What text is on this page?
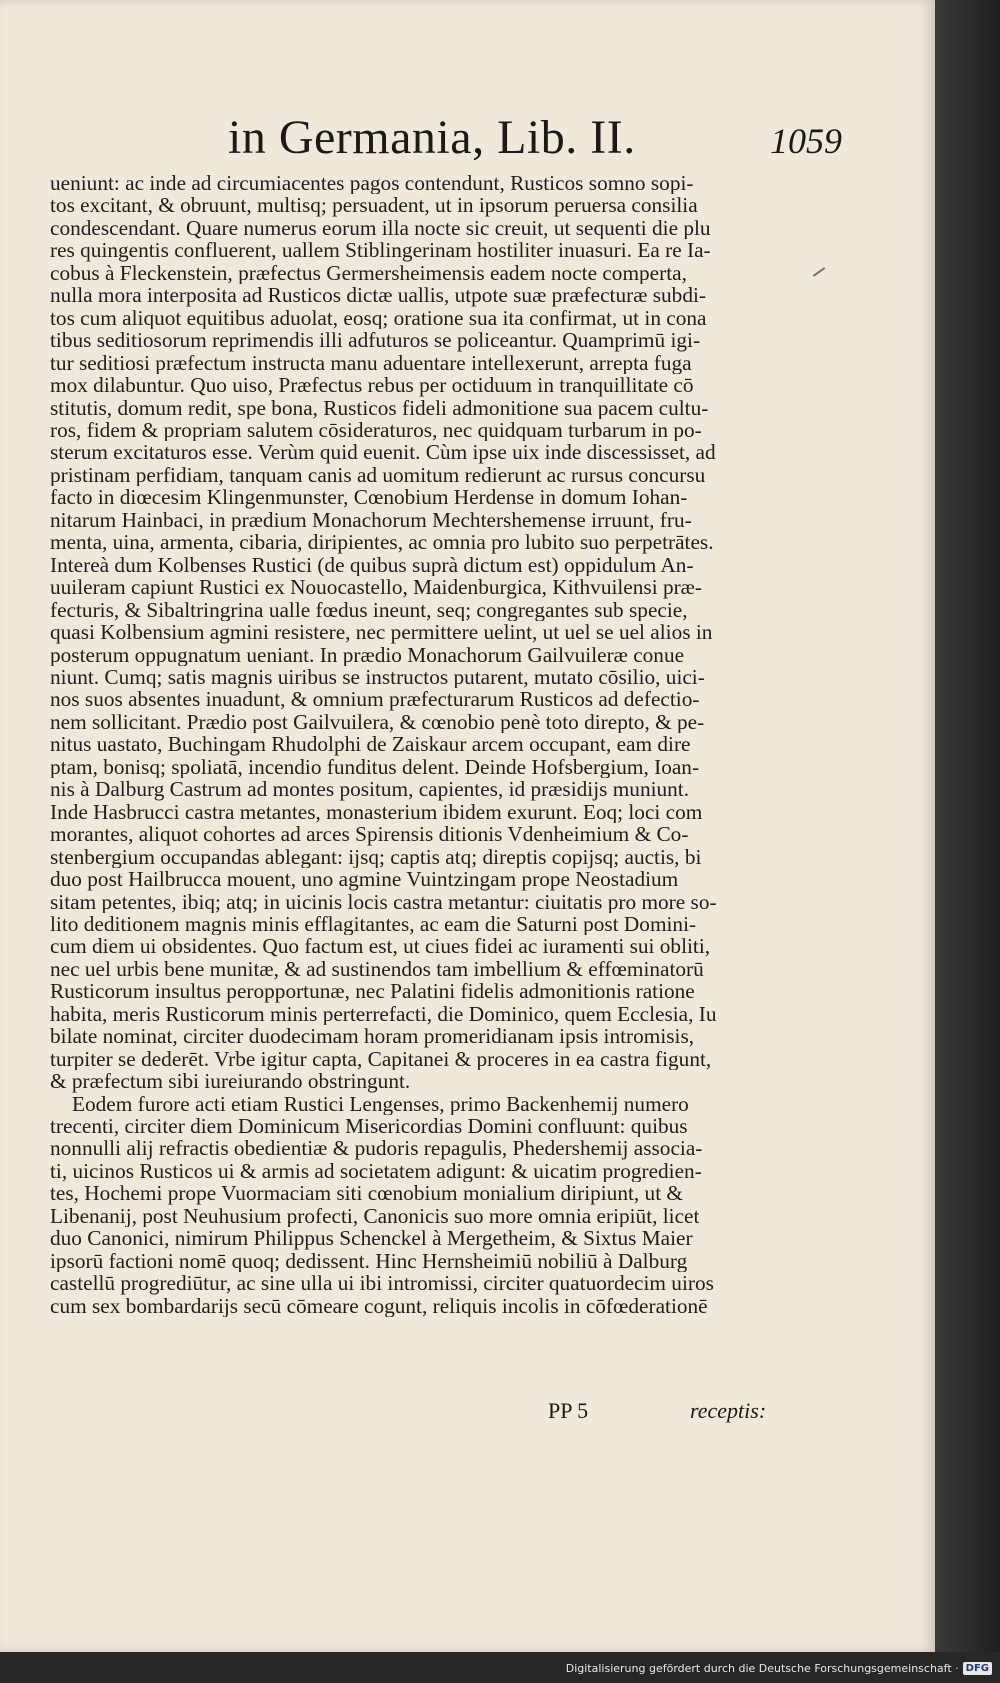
in Germania, Lib. II.	1059
ueniunt: ac inde ad circumiacentes pagos contendunt, Rusticos somno sopi-
tos excitant, & obruunt, multisq; persuadent, ut in ipsorum peruersa consilia
condescendant. Quare numerus eorum illa nocte sic creuit, ut sequenti die plu
res quingentis confluerent, uallem Stiblingerinam hostiliter inuasuri. Ea re Ia-
cobus à Fleckenstein, præfectus Germersheimensis eadem nocte comperta,
nulla mora interposita ad Rusticos dictæ uallis, utpote suæ præfecturæ subdi-
tos cum aliquot equitibus aduolat, eosq; oratione sua ita confirmat, ut in cona
tibus seditiosorum reprimendis illi adfuturos se policeantur. Quamprimū igi-
tur seditiosi præfectum instructa manu aduentare intellexerunt, arrepta fuga
mox dilabuntur. Quo uiso, Præfectus rebus per octiduum in tranquillitate cō
stitutis, domum redit, spe bona, Rusticos fideli admonitione sua pacem cultu-
ros, fidem & propriam salutem cōsideraturos, nec quidquam turbarum in po-
sterum excitaturos esse. Verùm quid euenit. Cùm ipse uix inde discessisset, ad
pristinam perfidiam, tanquam canis ad uomitum redierunt ac rursus concursu
facto in diœcesim Klingenmunster, Cœnobium Herdense in domum Iohan-
nitarum Hainbaci, in prædium Monachorum Mechtershemense irruunt, fru-
menta, uina, armenta, cibaria, diripientes, ac omnia pro lubito suo perpetrātes.
Intereà dum Kolbenses Rustici (de quibus suprà dictum est) oppidulum An-
uuileram capiunt Rustici ex Nouocastello, Maidenburgica, Kithvuilensi præ-
fecturis, & Sibaltringrina ualle fœdus ineunt, seq; congregantes sub specie,
quasi Kolbensium agmini resistere, nec permittere uelint, ut uel se uel alios in
posterum oppugnatum ueniant. In prædio Monachorum Gailvuileræ conue
niunt. Cumq; satis magnis uiribus se instructos putarent, mutato cōsilio, uici-
nos suos absentes inuadunt, & omnium præfecturarum Rusticos ad defectio-
nem sollicitant. Prædio post Gailvuilera, & cœnobio penè toto direpto, & pe-
nitus uastato, Buchingam Rhudolphi de Zaiskaur arcem occupant, eam dire
ptam, bonisq; spoliatā, incendio funditus delent. Deinde Hofsbergium, Ioan-
nis à Dalburg Castrum ad montes positum, capientes, id præsidijs muniunt.
Inde Hasbrucci castra metantes, monasterium ibidem exurunt. Eoq; loci com
morantes, aliquot cohortes ad arces Spirensis ditionis Vdenheimium & Co-
stenbergium occupandas ablegant: ijsq; captis atq; direptis copijsq; auctis, bi
duo post Hailbrucca mouent, uno agmine Vuintzingam prope Neostadium
sitam petentes, ibiq; atq; in uicinis locis castra metantur: ciuitatis pro more so-
lito deditionem magnis minis efflagitantes, ac eam die Saturni post Domini-
cum diem ui obsidentes. Quo factum est, ut ciues fidei ac iuramenti sui obliti,
nec uel urbis bene munitæ, & ad sustinendos tam imbellium & effœminatorū
Rusticorum insultus peropportunæ, nec Palatini fidelis admonitionis ratione
habita, meris Rusticorum minis perterrefacti, die Dominico, quem Ecclesia, Iu
bilate nominat, circiter duodecimam horam promeridianam ipsis intromisis,
turpiter se dederēt. Vrbe igitur capta, Capitanei & proceres in ea castra figunt,
& præfectum sibi iureiurando obstringunt.
Eodem furore acti etiam Rustici Lengenses, primo Backenhemij numero
trecenti, circiter diem Dominicum Misericordias Domini confluunt: quibus
nonnulli alij refractis obedientiæ & pudoris repagulis, Phedershemij associa-
ti, uicinos Rusticos ui & armis ad societatem adigunt: & uicatim progredien-
tes, Hochemi prope Vuormaciam siti cœnobium monialium diripiunt, ut &
Libenanij, post Neuhusium profecti, Canonicis suo more omnia eripiūt, licet
duo Canonici, nimirum Philippus Schenckel à Mergetheim, & Sixtus Maier
ipsorū factioni nomē quoq; dedissent. Hinc Hernsheimiū nobiliū à Dalburg
castellū progrediūtur, ac sine ulla ui ibi intromissi, circiter quatuordecim uiros
cum sex bombardarijs secū cōmeare cogunt, reliquis incolis in cōfœderationē
PP 5	receptis:
Digitalisierung gefördert durch die Deutsche Forschungsgemeinschaft · DFG
